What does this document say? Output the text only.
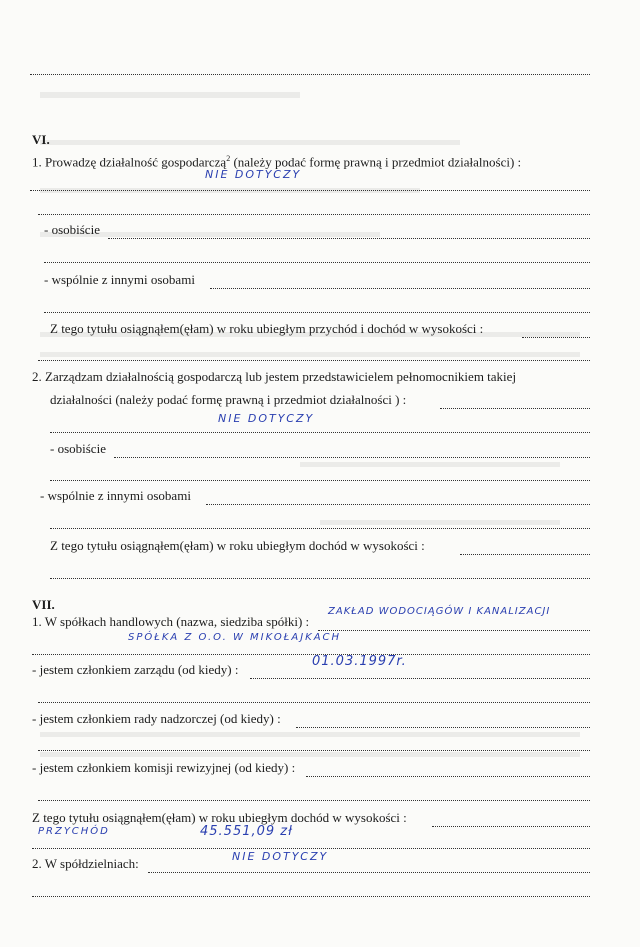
VI.
1. Prowadzę działalność gospodarczą$^2$ (należy podać formę prawną i przedmiot działalności) :
NIE DOTYCZY
- osobiście
- wspólnie z innymi osobami
Z tego tytułu osiągnąłem(ęłam) w roku ubiegłym przychód i dochód w wysokości :
2. Zarządzam działalnością gospodarczą lub jestem przedstawicielem pełnomocnikiem takiej
działalności (należy podać formę prawną i przedmiot działalności ) :
NIE DOTYCZY
- osobiście
- wspólnie z innymi osobami
Z tego tytułu osiągnąłem(ęłam) w roku ubiegłym dochód w wysokości :
VII.
1. W spółkach handlowych (nazwa, siedziba spółki) :
ZAKŁAD WODOCIĄGÓW I KANALIZACJI
SPÓŁKA Z O.O. W MIKOŁAJKACH
- jestem członkiem zarządu (od kiedy) :
01.03.1997r.
- jestem członkiem rady nadzorczej (od kiedy) :
- jestem członkiem komisji rewizyjnej (od kiedy) :
Z tego tytułu osiągnąłem(ęłam) w roku ubiegłym dochód w wysokości :
PRZYCHÓD	45.551,09 zł
2. W spółdzielniach:	NIE DOTYCZY
